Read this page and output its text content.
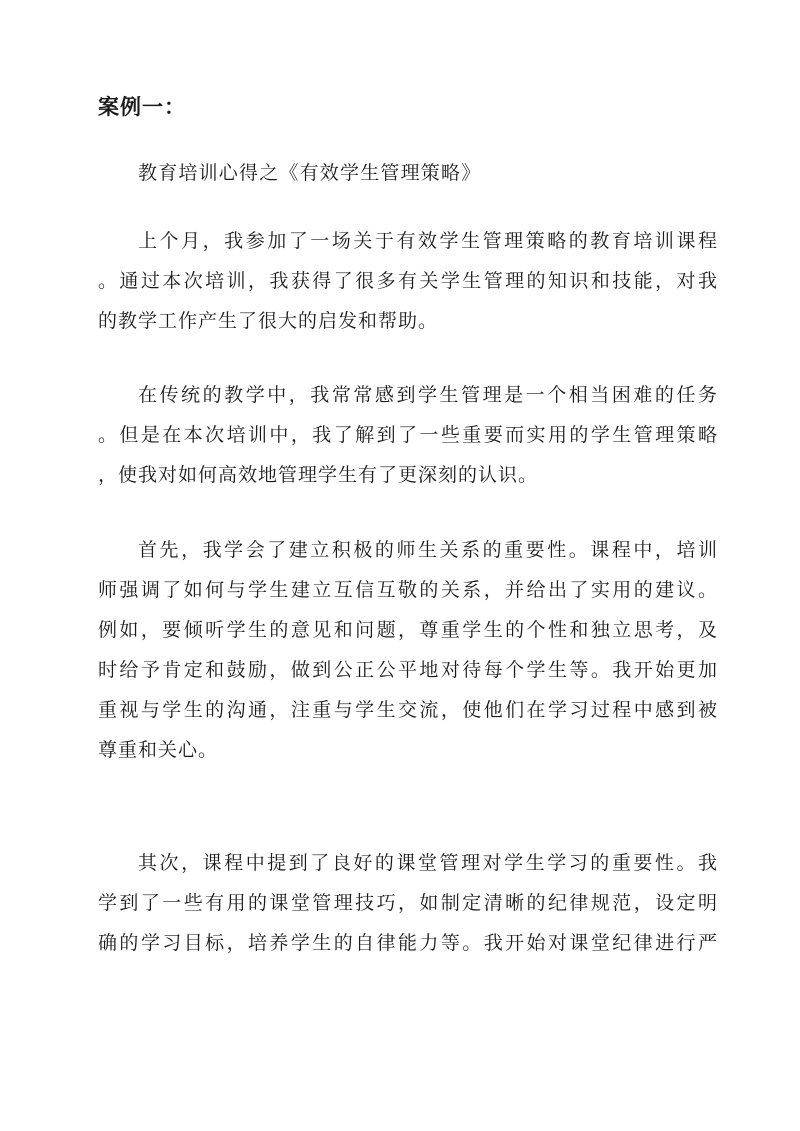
案例一：
教育培训心得之《有效学生管理策略》
上个月，我参加了一场关于有效学生管理策略的教育培训课程
。通过本次培训，我获得了很多有关学生管理的知识和技能，对我
的教学工作产生了很大的启发和帮助。
在传统的教学中，我常常感到学生管理是一个相当困难的任务
。但是在本次培训中，我了解到了一些重要而实用的学生管理策略
，使我对如何高效地管理学生有了更深刻的认识。
首先，我学会了建立积极的师生关系的重要性。课程中，培训
师强调了如何与学生建立互信互敬的关系，并给出了实用的建议。
例如，要倾听学生的意见和问题，尊重学生的个性和独立思考，及
时给予肯定和鼓励，做到公正公平地对待每个学生等。我开始更加
重视与学生的沟通，注重与学生交流，使他们在学习过程中感到被
尊重和关心。
其次，课程中提到了良好的课堂管理对学生学习的重要性。我
学到了一些有用的课堂管理技巧，如制定清晰的纪律规范，设定明
确的学习目标，培养学生的自律能力等。我开始对课堂纪律进行严
